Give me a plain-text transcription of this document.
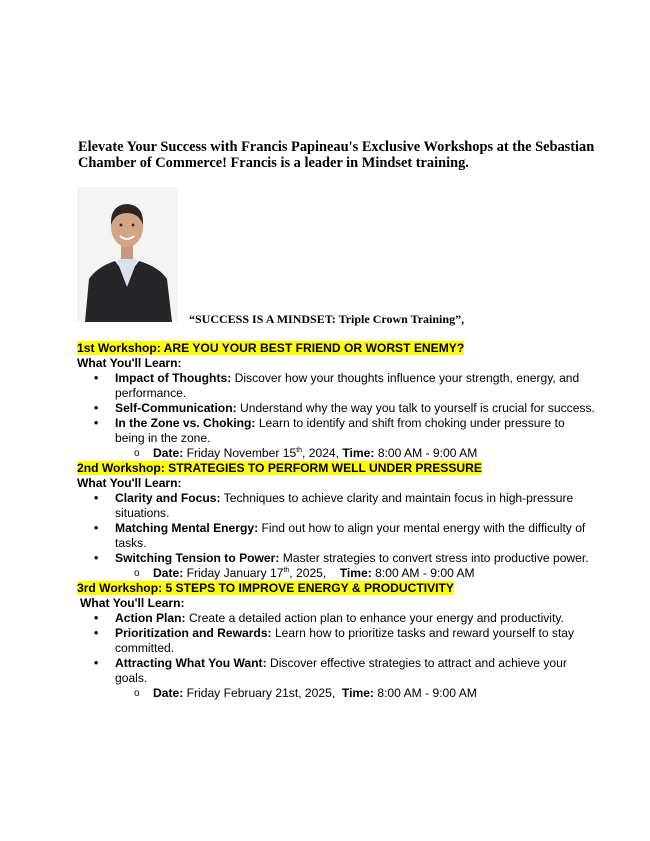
Elevate Your Success with Francis Papineau's Exclusive Workshops at the Sebastian Chamber of Commerce! Francis is a leader in Mindset training.
“SUCCESS IS A MINDSET: Triple Crown Training”,

1st Workshop: ARE YOU YOUR BEST FRIEND OR WORST ENEMY?

What You'll Learn:

• Impact of Thoughts: Discover how your thoughts influence your strength, energy, and performance.
• Self-Communication: Understand why the way you talk to yourself is crucial for success.
• In the Zone vs. Choking: Learn to identify and shift from choking under pressure to being in the zone.

o Date: Friday November 15th, 2024, Time: 8:00 AM - 9:00 AM

2nd Workshop: STRATEGIES TO PERFORM WELL UNDER PRESSURE

What You'll Learn:

• Clarity and Focus: Techniques to achieve clarity and maintain focus in high-pressure situations.
• Matching Mental Energy: Find out how to align your mental energy with the difficulty of tasks.
• Switching Tension to Power: Master strategies to convert stress into productive power.

o Date: Friday January 17th, 2025, Time: 8:00 AM - 9:00 AM

3rd Workshop: 5 STEPS TO IMPROVE ENERGY & PRODUCTIVITY

What You'll Learn:

• Action Plan: Create a detailed action plan to enhance your energy and productivity.
• Prioritization and Rewards: Learn how to prioritize tasks and reward yourself to stay committed.
• Attracting What You Want: Discover effective strategies to attract and achieve your goals.

o Date: Friday February 21st, 2025, Time: 8:00 AM - 9:00 AM
